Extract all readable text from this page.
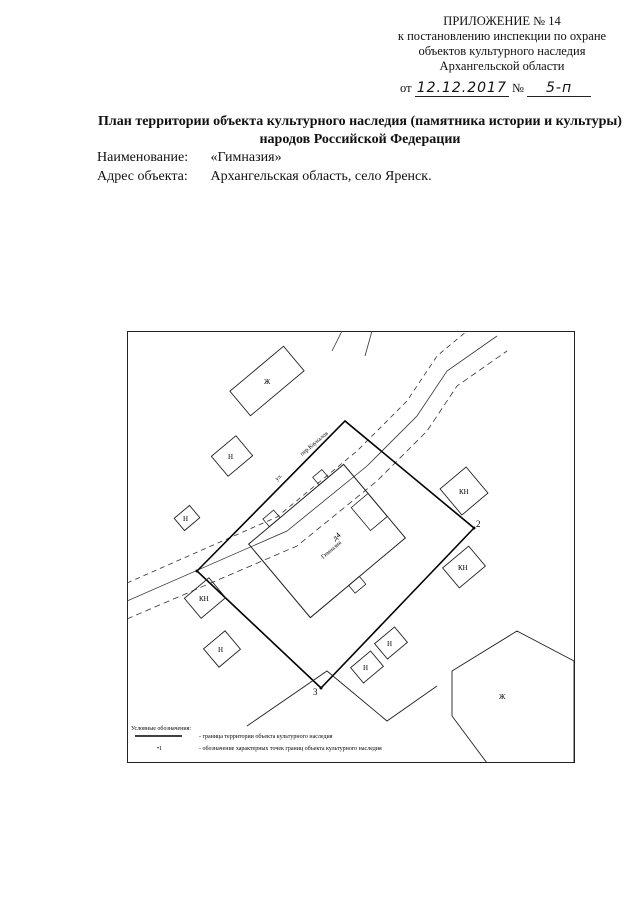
ПРИЛОЖЕНИЕ № 14
к постановлению инспекции по охране
объектов культурного наследия
Архангельской области
от 12.12.2017 № 5-п
План территории объекта культурного наследия (памятника истории и культуры) народов Российской Федерации
Наименование: «Гимназия»
Адрес объекта: Архангельская область, село Яренск.
д4
Гимназия
Ж
Н
Н
КН
Н
КН
КН
Н
Н
Ж
ул.
пер.Кауналов
2
3
Условные обозначения:
- граница территории объекта культурного наследия
•1	- обозначение характерных точек границ объекта культурного наследия
